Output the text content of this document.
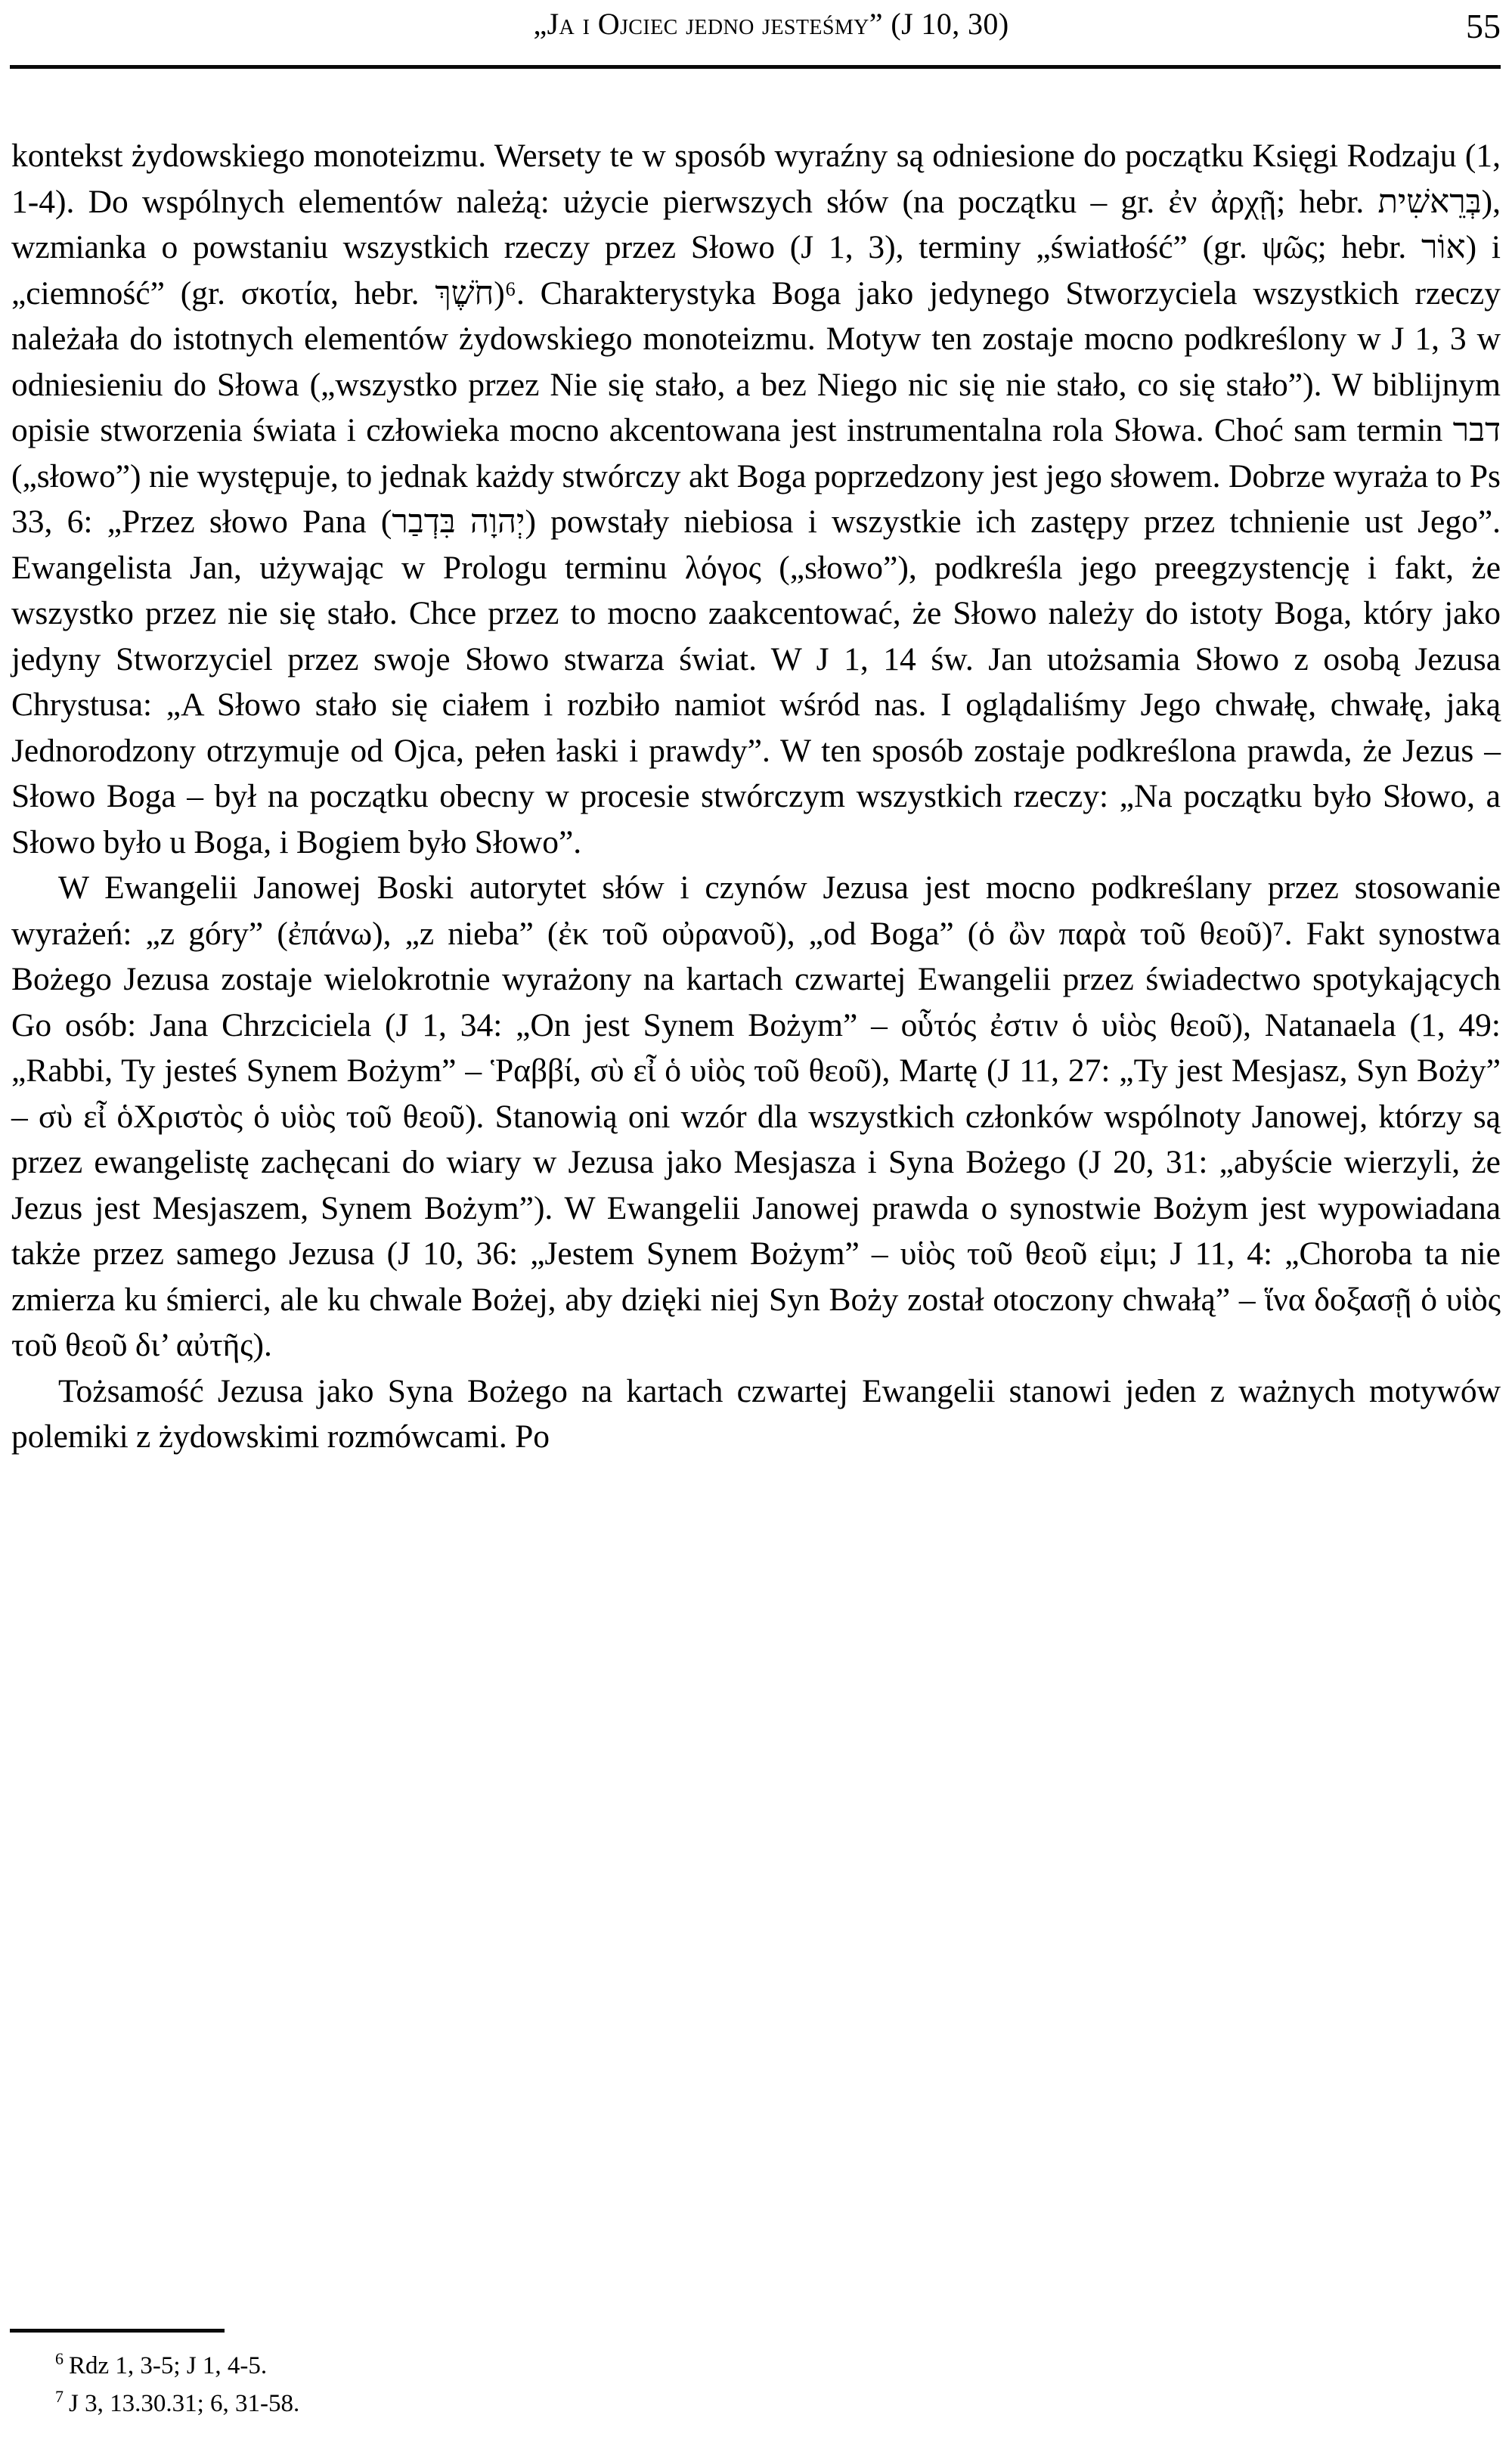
„Ja i Ojciec jedno jesteśmy” (J 10, 30)	55

kontekst żydowskiego monoteizmu. Wersety te w sposób wyraźny są odniesione do początku Księgi Rodzaju (1, 1-4). Do wspólnych elementów należą: użycie pierwszych słów (na początku – gr. ἐν ἀρχῇ; hebr. בְּרֵאשִׁית), wzmianka o powstaniu wszystkich rzeczy przez Słowo (J 1, 3), terminy „światłość” (gr. ψῶς; hebr. אוֹר) i „ciemność” (gr. σκοτία, hebr. חֹשֶׁךְ)⁶. Charakterystyka Boga jako jedynego Stworzyciela wszystkich rzeczy należała do istotnych elementów żydowskiego monoteizmu. Motyw ten zostaje mocno podkreślony w J 1, 3 w odniesieniu do Słowa („wszystko przez Nie się stało, a bez Niego nic się nie stało, co się stało”). W biblijnym opisie stworzenia świata i człowieka mocno akcentowana jest instrumentalna rola Słowa. Choć sam termin דבר („słowo”) nie występuje, to jednak każdy stwórczy akt Boga poprzedzony jest jego słowem. Dobrze wyraża to Ps 33, 6: „Przez słowo Pana (יְהוָה בִּדְבַר) powstały niebiosa i wszystkie ich zastępy przez tchnienie ust Jego”. Ewangelista Jan, używając w Prologu terminu λόγος („słowo”), podkreśla jego preegzystencję i fakt, że wszystko przez nie się stało. Chce przez to mocno zaakcentować, że Słowo należy do istoty Boga, który jako jedyny Stworzyciel przez swoje Słowo stwarza świat. W J 1, 14 św. Jan utożsamia Słowo z osobą Jezusa Chrystusa: „A Słowo stało się ciałem i rozbiło namiot wśród nas. I oglądaliśmy Jego chwałę, chwałę, jaką Jednorodzony otrzymuje od Ojca, pełen łaski i prawdy”. W ten sposób zostaje podkreślona prawda, że Jezus – Słowo Boga – był na początku obecny w procesie stwórczym wszystkich rzeczy: „Na początku było Słowo, a Słowo było u Boga, i Bogiem było Słowo”.

W Ewangelii Janowej Boski autorytet słów i czynów Jezusa jest mocno podkreślany przez stosowanie wyrażeń: „z góry” (ἐπάνω), „z nieba” (ἐκ τοῦ οὐρανοῦ), „od Boga” (ὁ ὢν παρὰ τοῦ θεοῦ)⁷. Fakt synostwa Bożego Jezusa zostaje wielokrotnie wyrażony na kartach czwartej Ewangelii przez świadectwo spotykających Go osób: Jana Chrzciciela (J 1, 34: „On jest Synem Bożym” – οὗτός ἐστιν ὁ υἱὸς θεοῦ), Natanaela (1, 49: „Rabbi, Ty jesteś Synem Bożym” – Ῥαββί, σὺ εἶ ὁ υἱὸς τοῦ θεοῦ), Martę (J 11, 27: „Ty jest Mesjasz, Syn Boży” – σὺ εἶ ὁΧριστὸς ὁ υἱὸς τοῦ θεοῦ). Stanowią oni wzór dla wszystkich członków wspólnoty Janowej, którzy są przez ewangelistę zachęcani do wiary w Jezusa jako Mesjasza i Syna Bożego (J 20, 31: „abyście wierzyli, że Jezus jest Mesjaszem, Synem Bożym”). W Ewangelii Janowej prawda o synostwie Bożym jest wypowiadana także przez samego Jezusa (J 10, 36: „Jestem Synem Bożym” – υἱὸς τοῦ θεοῦ εἰμι; J 11, 4: „Choroba ta nie zmierza ku śmierci, ale ku chwale Bożej, aby dzięki niej Syn Boży został otoczony chwałą” – ἵνα δοξασῇ ὁ υἱὸς τοῦ θεοῦ δι’ αὐτῆς).

Tożsamość Jezusa jako Syna Bożego na kartach czwartej Ewangelii stanowi jeden z ważnych motywów polemiki z żydowskimi rozmówcami. Po

$^6$ Rdz 1, 3-5; J 1, 4-5.

$^7$ J 3, 13.30.31; 6, 31-58.
